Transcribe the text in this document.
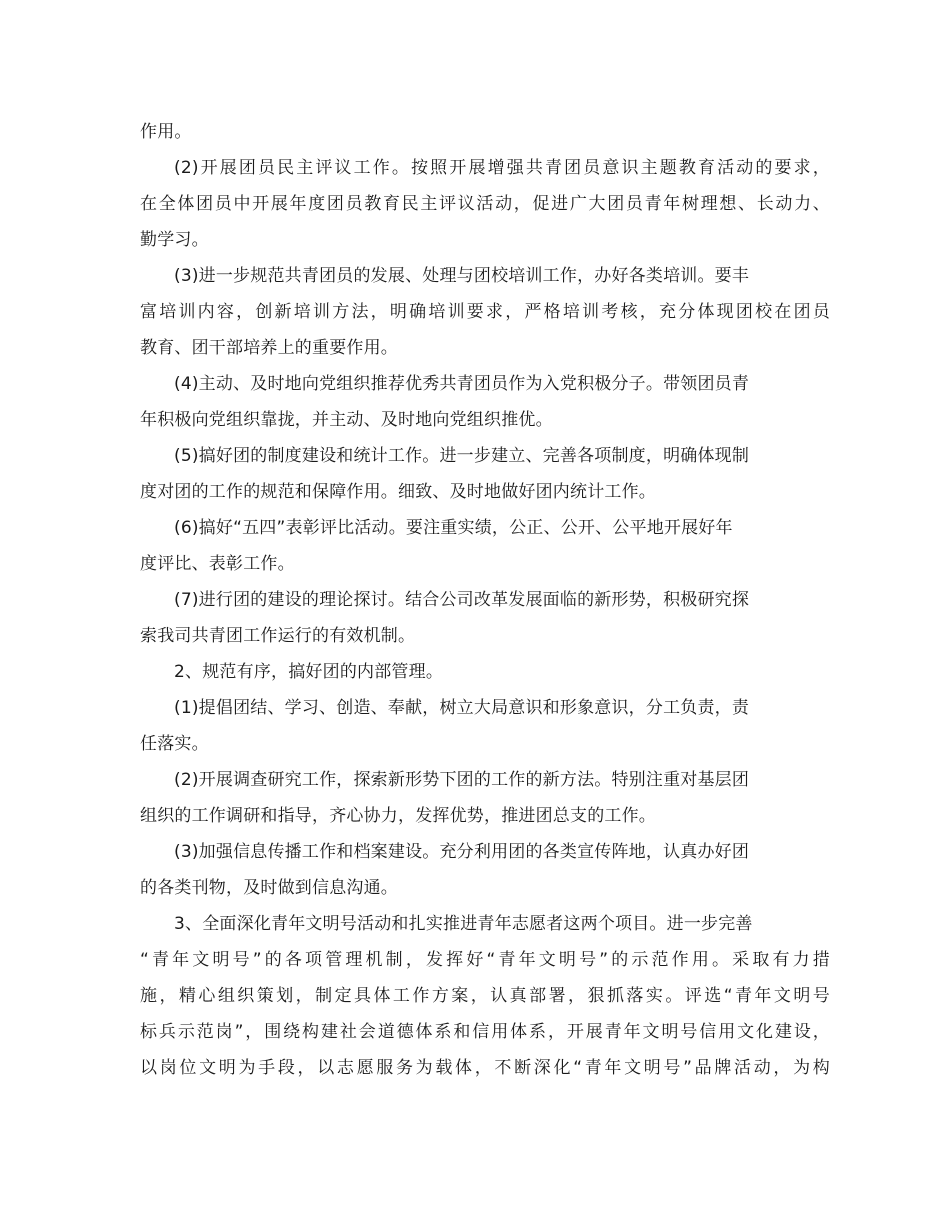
作用。
(2)开展团员民主评议工作。按照开展增强共青团员意识主题教育活动的要求，
在全体团员中开展年度团员教育民主评议活动，促进广大团员青年树理想、长动力、
勤学习。
(3)进一步规范共青团员的发展、处理与团校培训工作，办好各类培训。要丰
富培训内容，创新培训方法，明确培训要求，严格培训考核，充分体现团校在团员
教育、团干部培养上的重要作用。
(4)主动、及时地向党组织推荐优秀共青团员作为入党积极分子。带领团员青
年积极向党组织靠拢，并主动、及时地向党组织推优。
(5)搞好团的制度建设和统计工作。进一步建立、完善各项制度，明确体现制
度对团的工作的规范和保障作用。细致、及时地做好团内统计工作。
(6)搞好“五四”表彰评比活动。要注重实绩，公正、公开、公平地开展好年
度评比、表彰工作。
(7)进行团的建设的理论探讨。结合公司改革发展面临的新形势，积极研究探
索我司共青团工作运行的有效机制。
2、规范有序，搞好团的内部管理。
(1)提倡团结、学习、创造、奉献，树立大局意识和形象意识，分工负责，责
任落实。
(2)开展调查研究工作，探索新形势下团的工作的新方法。特别注重对基层团
组织的工作调研和指导，齐心协力，发挥优势，推进团总支的工作。
(3)加强信息传播工作和档案建设。充分利用团的各类宣传阵地，认真办好团
的各类刊物，及时做到信息沟通。
3、全面深化青年文明号活动和扎实推进青年志愿者这两个项目。进一步完善
“青年文明号”的各项管理机制，发挥好“青年文明号”的示范作用。采取有力措
施，精心组织策划，制定具体工作方案，认真部署，狠抓落实。评选“青年文明号
标兵示范岗”，围绕构建社会道德体系和信用体系，开展青年文明号信用文化建设，
以岗位文明为手段，以志愿服务为载体，不断深化“青年文明号”品牌活动，为构
